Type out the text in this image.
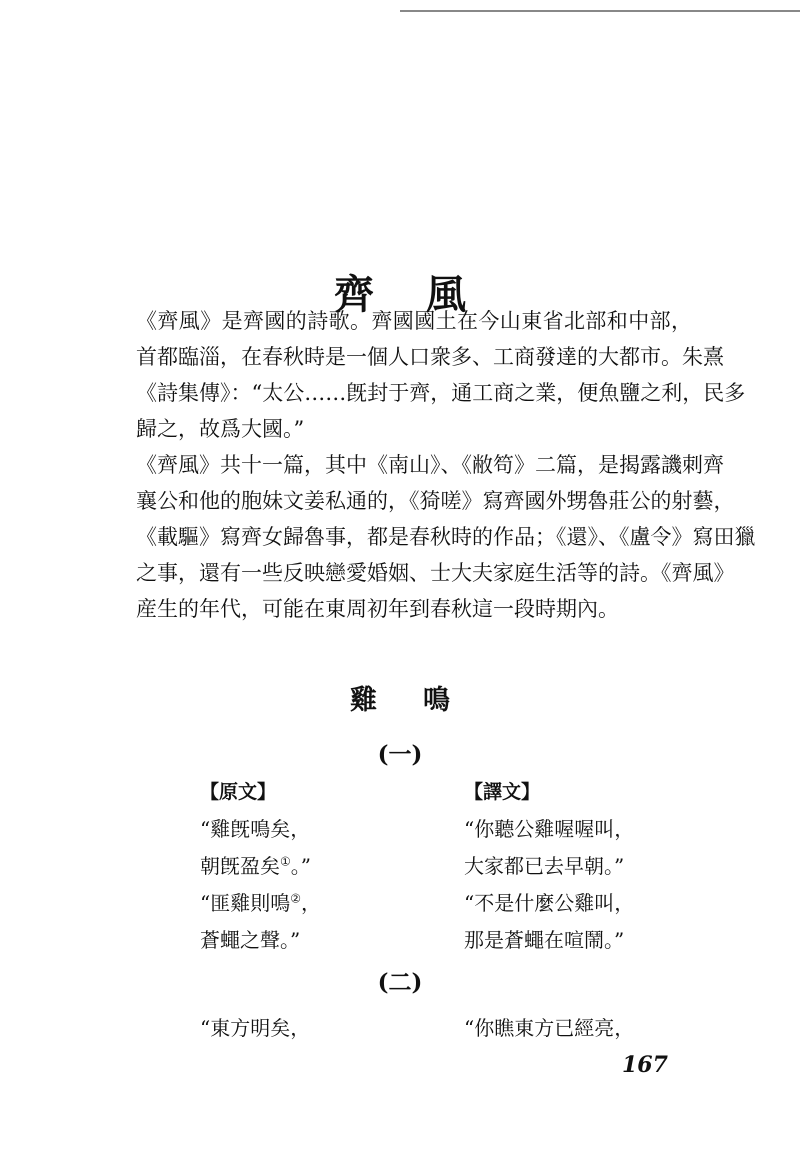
齊風
《齊風》是齊國的詩歌。齊國國土在今山東省北部和中部，
首都臨淄，在春秋時是一個人口衆多、工商發達的大都市。朱熹
《詩集傳》：“太公……旣封于齊，通工商之業，便魚鹽之利，民多
歸之，故爲大國。”
《齊風》共十一篇，其中《南山》、《敝笱》二篇，是揭露譏刺齊
襄公和他的胞妹文姜私通的，《猗嗟》寫齊國外甥魯莊公的射藝，
《載驅》寫齊女歸魯事，都是春秋時的作品；《還》、《盧令》寫田獵
之事，還有一些反映戀愛婚姻、士大夫家庭生活等的詩。《齊風》
産生的年代，可能在東周初年到春秋這一段時期內。
雞鳴
(一)
【原文】
“雞旣鳴矣，
朝旣盈矣①。”
“匪雞則鳴②，
蒼蠅之聲。”
【譯文】
“你聽公雞喔喔叫，
大家都已去早朝。”
“不是什麼公雞叫，
那是蒼蠅在喧鬧。”
(二)
“東方明矣，	“你瞧東方已經亮，
167
